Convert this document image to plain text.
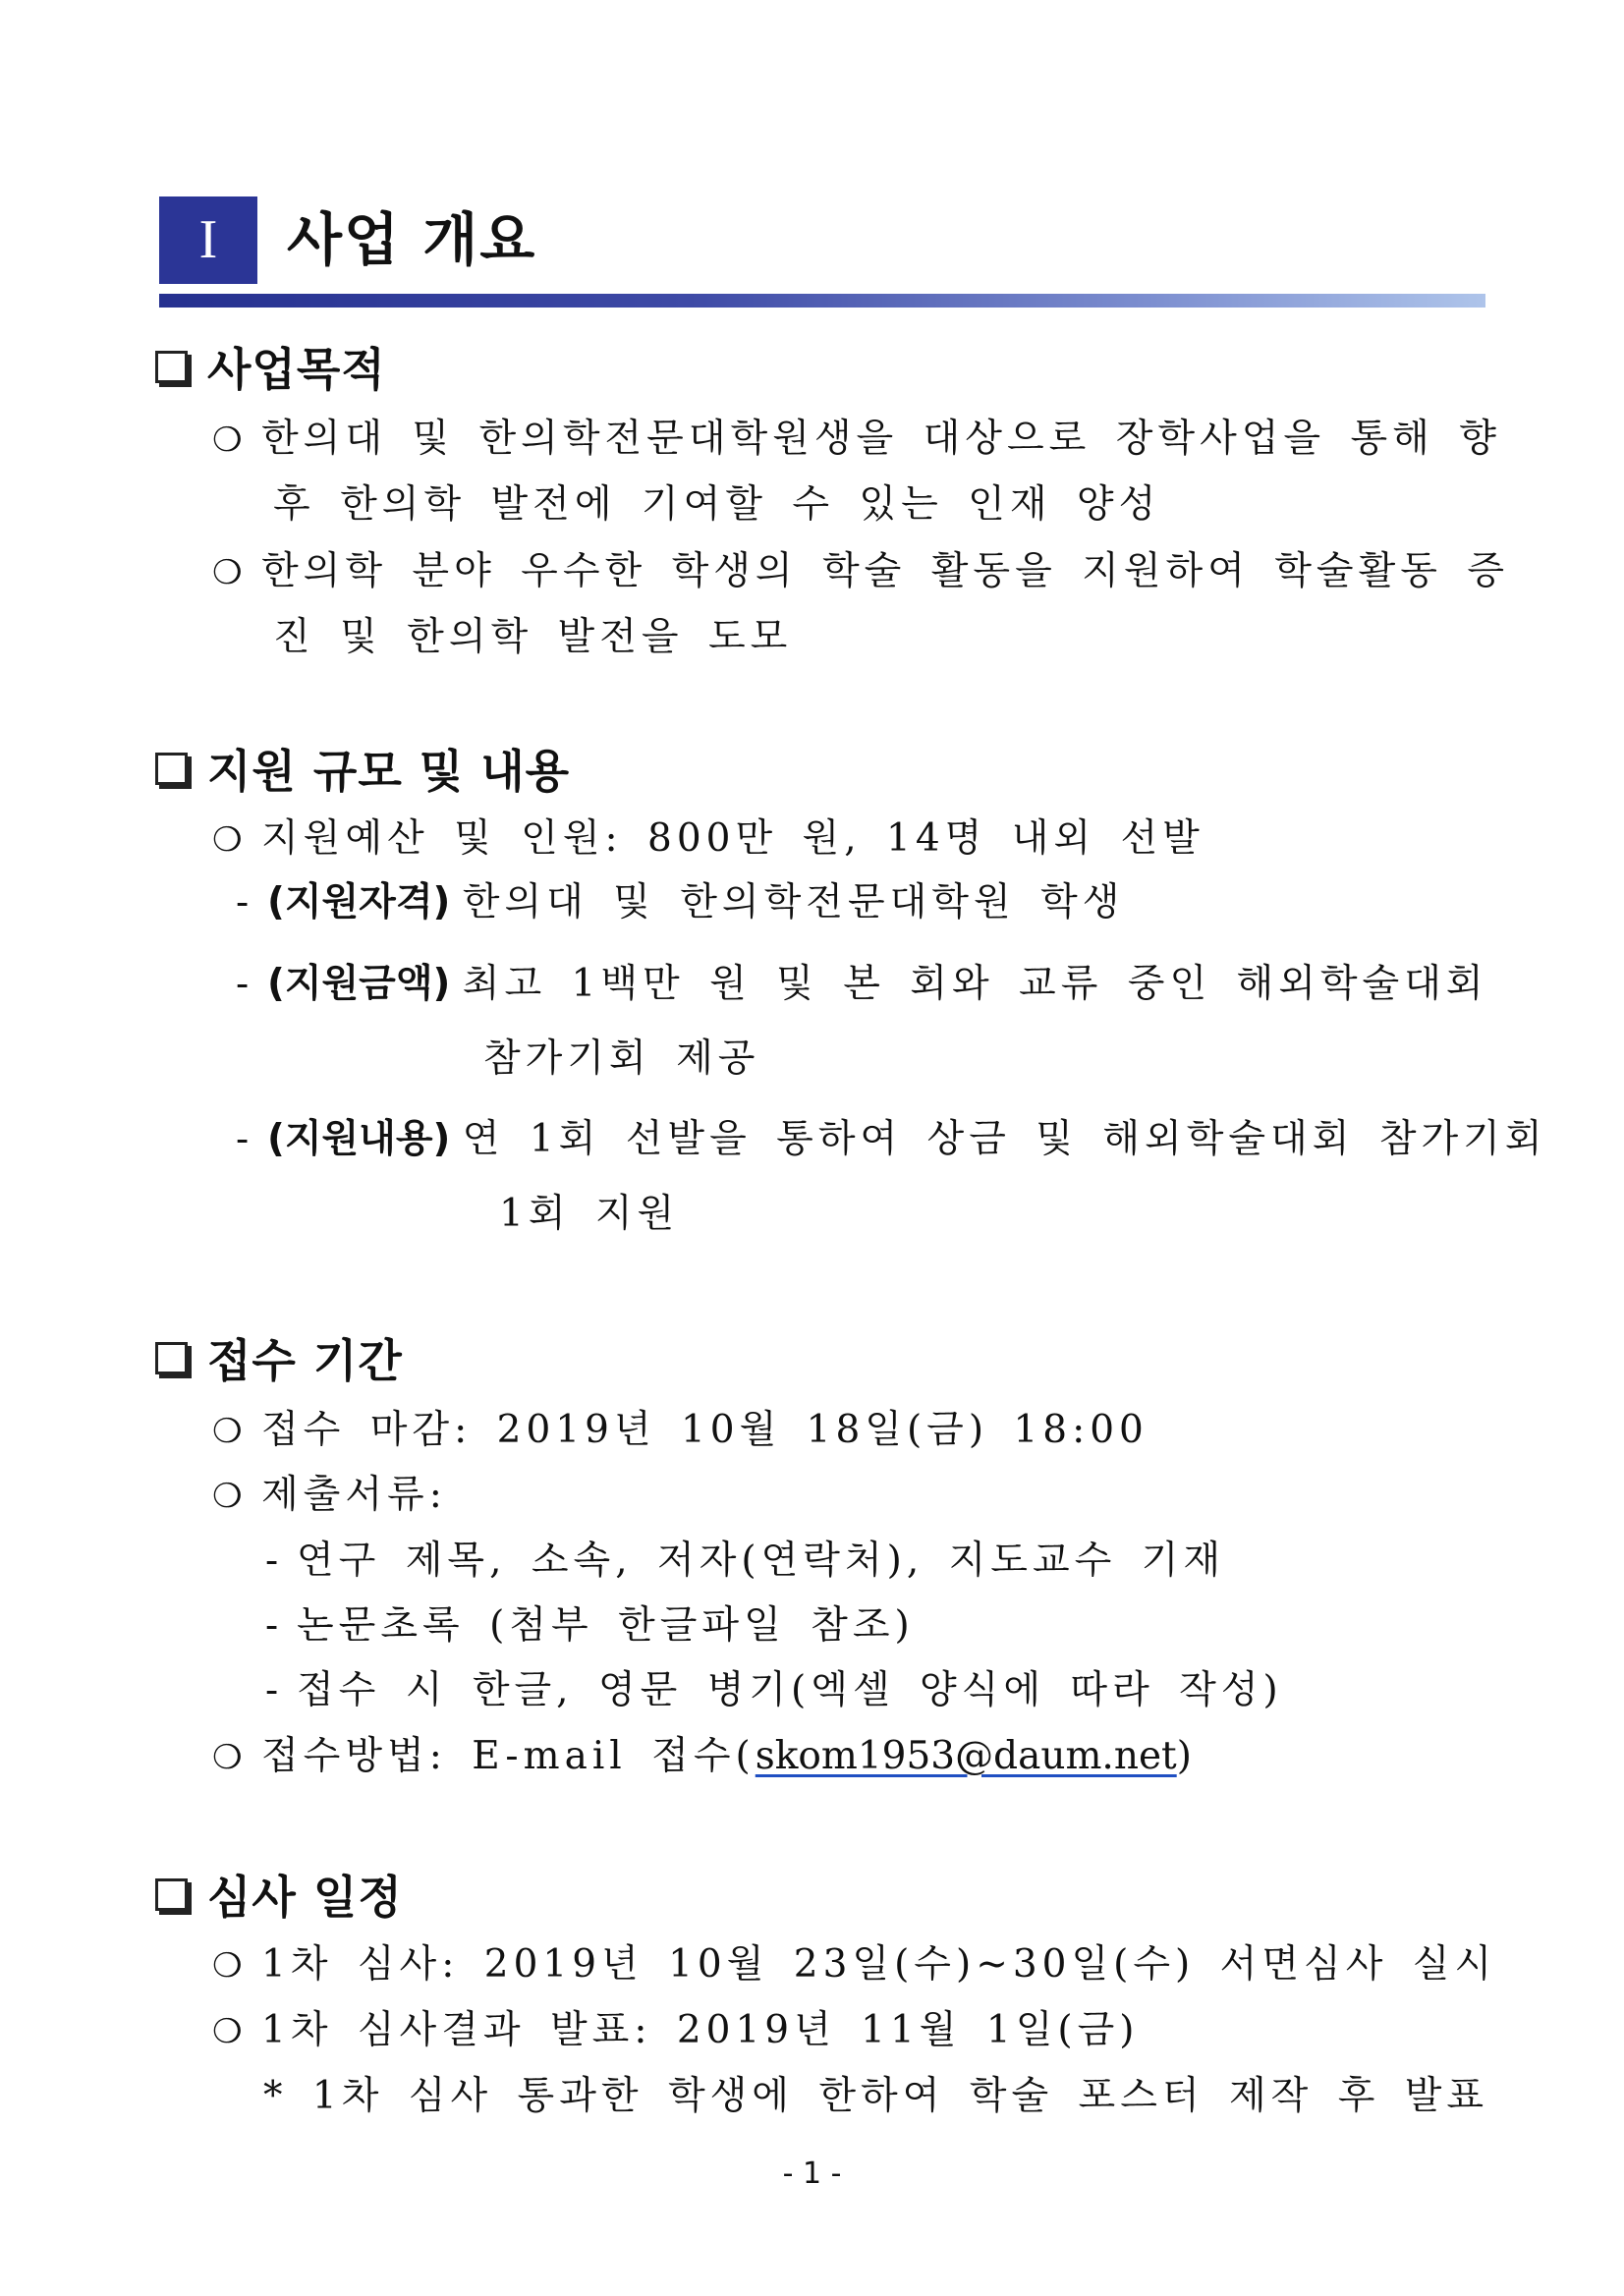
I	사업 개요
사업목적
❍ 한의대 및 한의학전문대학원생을 대상으로 장학사업을 통해 향
후 한의학 발전에 기여할 수 있는 인재 양성
❍ 한의학 분야 우수한 학생의 학술 활동을 지원하여 학술활동 증
진 및 한의학 발전을 도모
지원 규모 및 내용
❍ 지원예산 및 인원: 800만 원, 14명 내외 선발
- (지원자격) 한의대 및 한의학전문대학원 학생
- (지원금액) 최고 1백만 원 및 본 회와 교류 중인 해외학술대회
참가기회 제공
- (지원내용) 연 1회 선발을 통하여 상금 및 해외학술대회 참가기회
1회 지원
접수 기간
❍ 접수 마감: 2019년 10월 18일(금) 18:00
❍ 제출서류:
- 연구 제목, 소속, 저자(연락처), 지도교수 기재
- 논문초록 (첨부 한글파일 참조)
- 접수 시 한글, 영문 병기(엑셀 양식에 따라 작성)
❍ 접수방법: E-mail 접수(skom1953@daum.net)
심사 일정
❍ 1차 심사: 2019년 10월 23일(수)~30일(수) 서면심사 실시
❍ 1차 심사결과 발표: 2019년 11월 1일(금)
* 1차 심사 통과한 학생에 한하여 학술 포스터 제작 후 발표
- 1 -
